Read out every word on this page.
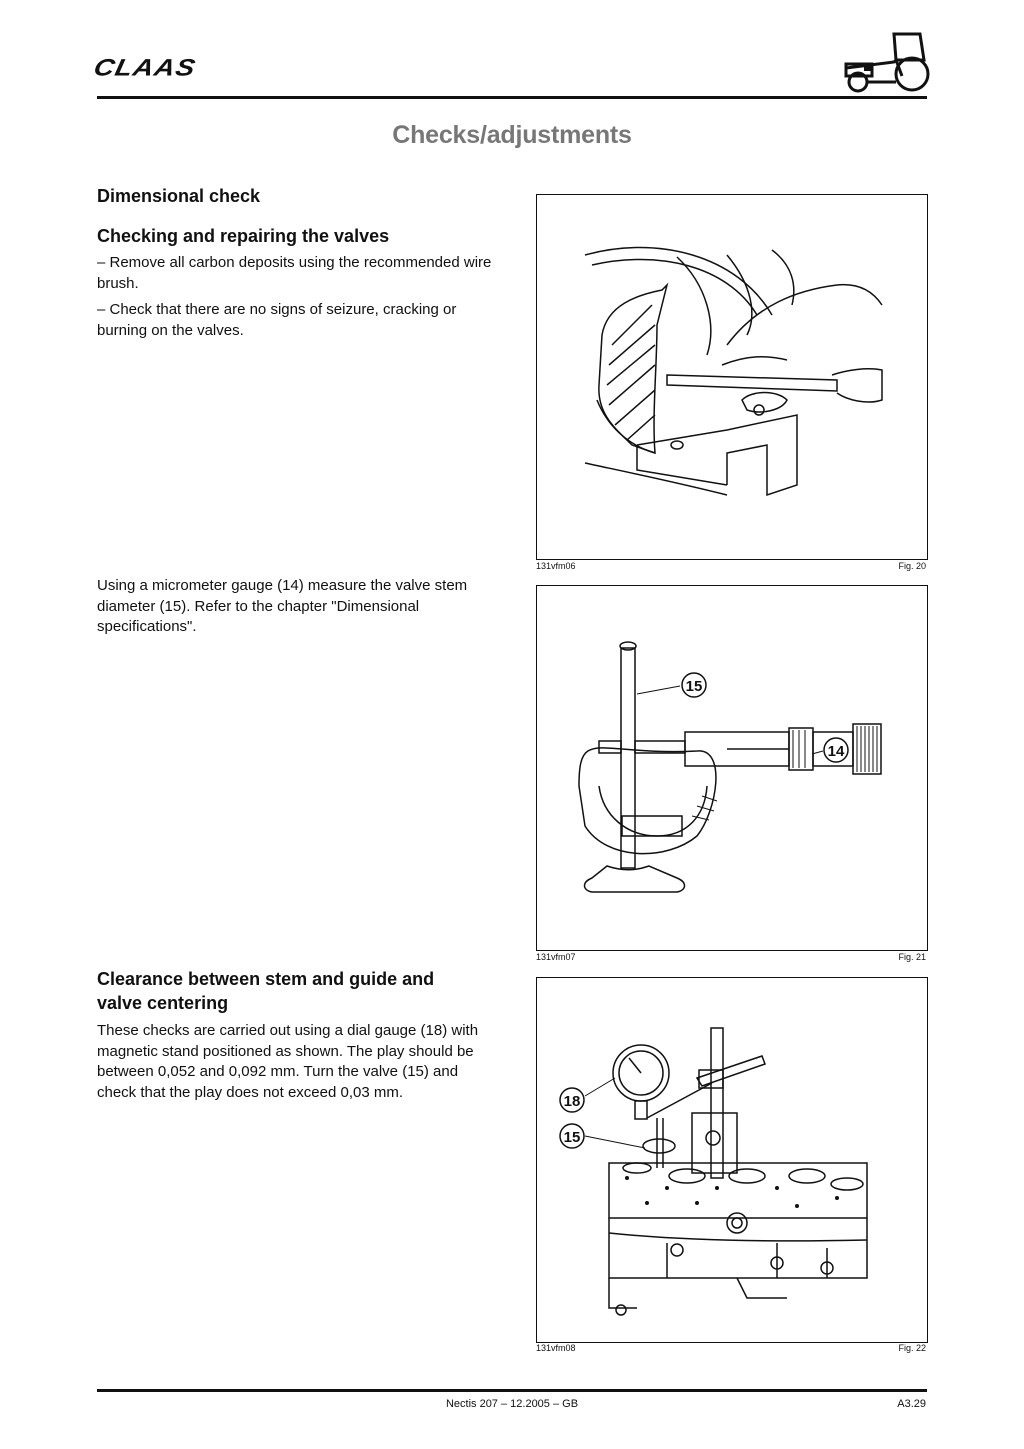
CLAAS
Checks/adjustments
Dimensional check
Checking and repairing the valves
– Remove all carbon deposits using the recommended wire brush.
– Check that there are no signs of seizure, cracking or burning on the valves.
131vfm06	Fig. 20
Using a micrometer gauge (14) measure the valve stem diameter (15). Refer to the chapter "Dimensional specifications".
15
14
131vfm07	Fig. 21
Clearance between stem and guide and valve centering
These checks are carried out using a dial gauge (18) with magnetic stand positioned as shown. The play should be between 0,052 and 0,092 mm. Turn the valve (15) and check that the play does not exceed 0,03 mm.
18
15
131vfm08	Fig. 22
Nectis 207 – 12.2005 – GB	A3.29
